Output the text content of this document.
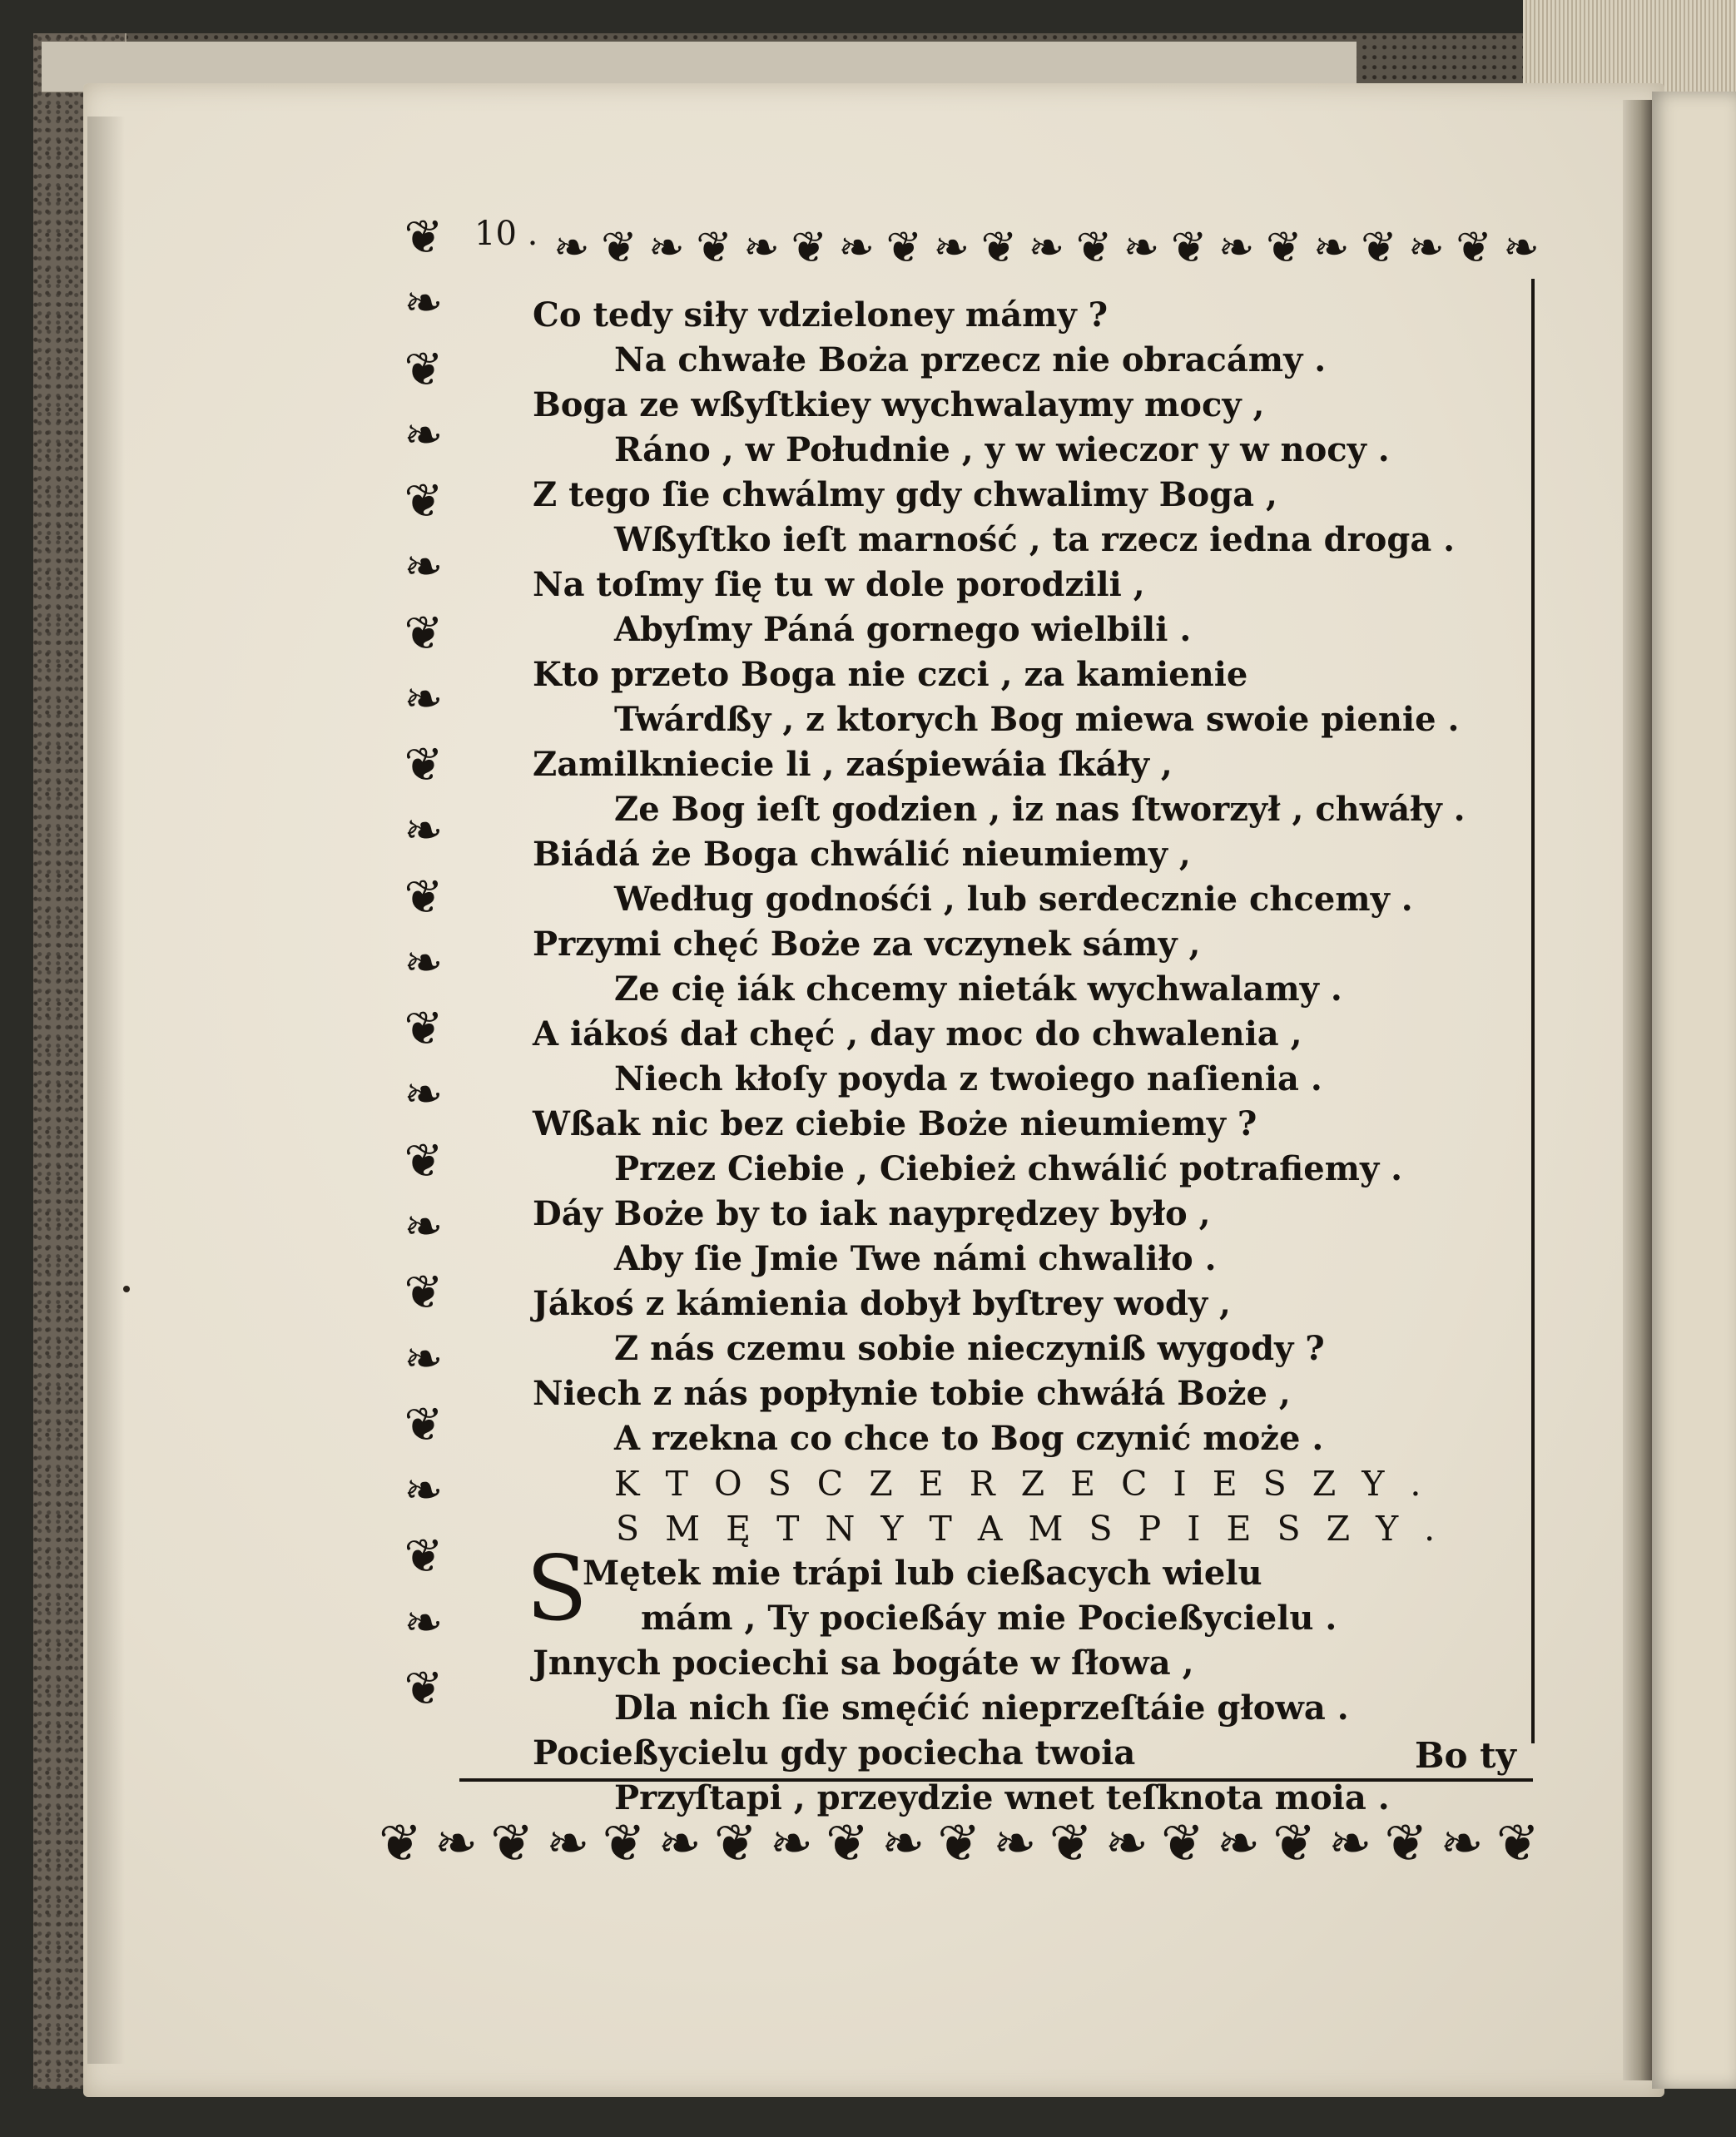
❦
❧
❦
❧
❦
❧
❦
❧
❦
❧
❦
❧
❦
❧
❦
❧
❦
❧
❦
❧
❦
❧
❦
❧ ❦ ❧ ❦ ❧ ❦ ❧ ❦ ❧ ❦ ❧ ❦ ❧ ❦ ❧ ❦ ❧ ❦ ❧ ❦ ❧
❦ ❧ ❦ ❧ ❦ ❧ ❦ ❧ ❦ ❧ ❦ ❧ ❦ ❧ ❦ ❧ ❦ ❧ ❦ ❧ ❦
10 .
Co tedy siły vdzieloney mámy ?
Na chwałe Boża przecz nie obracámy .
Boga ze wßyſtkiey wychwalaymy mocy ,
Ráno , w Południe , y w wieczor y w nocy .
Z tego ſie chwálmy gdy chwalimy Boga ,
Wßyſtko ieſt marność , ta rzecz iedna droga .
Na toſmy ſię tu w dole porodzili ,
Abyſmy Páná gornego wielbili .
Kto przeto Boga nie czci , za kamienie
Twárdßy , z ktorych Bog miewa swoie pienie .
Zamilkniecie li , zaśpiewáia ſkáły ,
Ze Bog ieſt godzien , iz nas ſtworzył , chwáły .
Biádá że Boga chwálić nieumiemy ,
Według godnośći , lub serdecznie chcemy .
Przymi chęć Boże za vczynek sámy ,
Ze cię iák chcemy nieták wychwalamy .
A iákoś dał chęć , day moc do chwalenia ,
Niech kłoſy poyda z twoiego naſienia .
Wßak nic bez ciebie Boże nieumiemy ?
Przez Ciebie , Ciebież chwálić potrafiemy .
Dáy Boże by to iak nayprędzey było ,
Aby ſie Jmie Twe námi chwaliło .
Jákoś z kámienia dobył byſtrey wody ,
Z nás czemu sobie nieczyniß wygody ?
Niech z nás popłynie tobie chwáłá Boże ,
A rzekna co chce to Bog czynić może .
K T O S C Z E R Z E C I E S Z Y .
S M Ę T N Y T A M S P I E S Z Y .
S
Mętek mie trápi lub cießacych wielu
mám , Ty pocießáy mie Pocießycielu .
Jnnych pociechi sa bogáte w ſłowa ,
Dla nich ſie smęćić nieprzeſtáie głowa .
Pocießycielu gdy pociecha twoia
Przyſtapi , przeydzie wnet teſknota moia .
Bo ty
